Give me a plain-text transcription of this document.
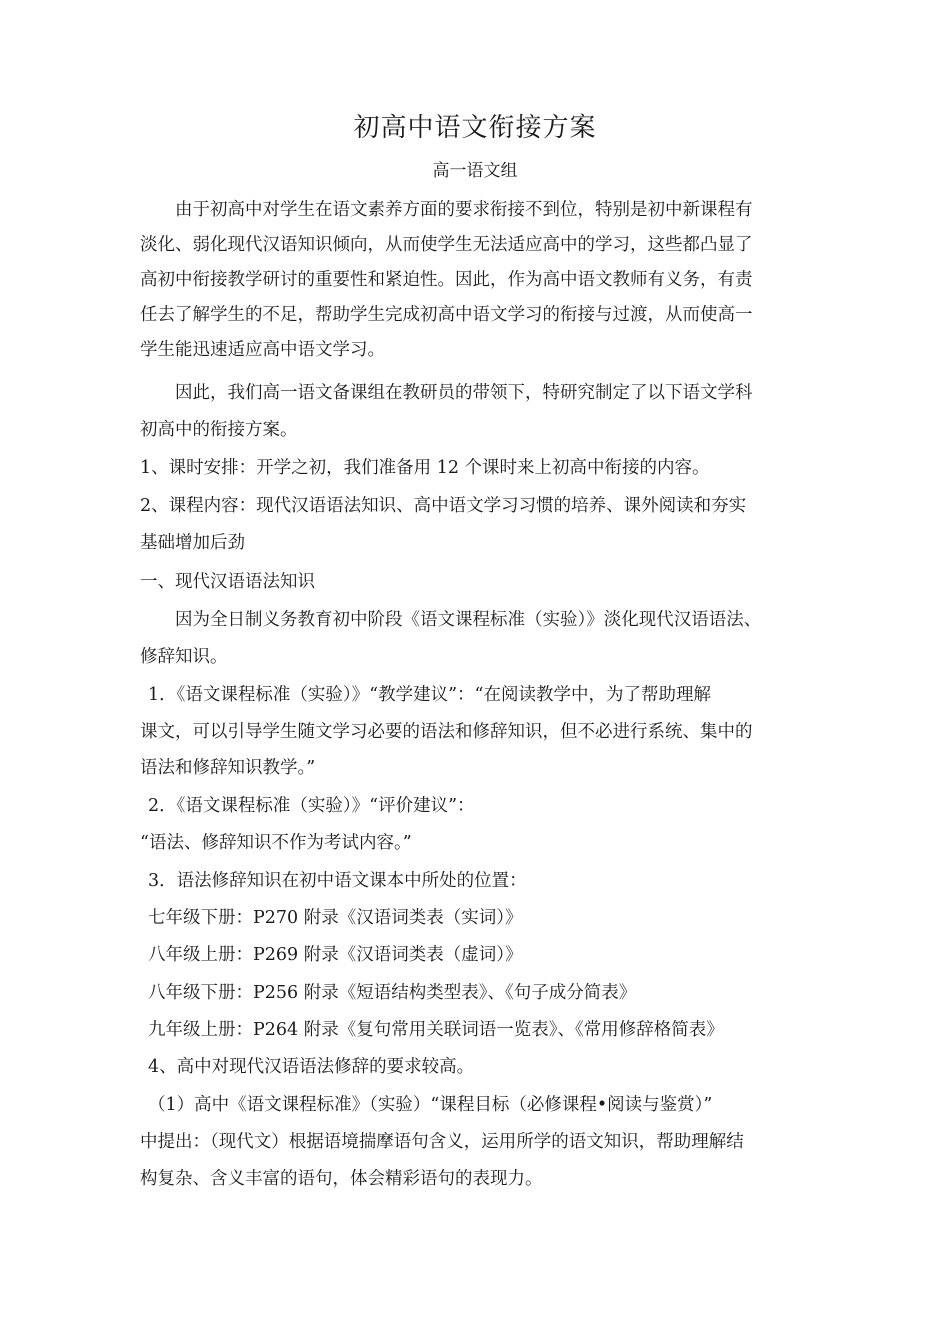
初高中语文衔接方案
高一语文组
由于初高中对学生在语文素养方面的要求衔接不到位，特别是初中新课程有
淡化、弱化现代汉语知识倾向，从而使学生无法适应高中的学习，这些都凸显了
高初中衔接教学研讨的重要性和紧迫性。因此，作为高中语文教师有义务，有责
任去了解学生的不足，帮助学生完成初高中语文学习的衔接与过渡，从而使高一
学生能迅速适应高中语文学习。
因此，我们高一语文备课组在教研员的带领下，特研究制定了以下语文学科
初高中的衔接方案。
1、课时安排：开学之初，我们准备用 12 个课时来上初高中衔接的内容。
2、课程内容：现代汉语语法知识、高中语文学习习惯的培养、课外阅读和夯实
基础增加后劲
一、现代汉语语法知识
因为全日制义务教育初中阶段《语文课程标准（实验）》淡化现代汉语语法、
修辞知识。
1．《语文课程标准（实验）》“教学建议”：“在阅读教学中，为了帮助理解
课文，可以引导学生随文学习必要的语法和修辞知识，但不必进行系统、集中的
语法和修辞知识教学。”
2．《语文课程标准（实验）》“评价建议”：
“语法、修辞知识不作为考试内容。”
3．语法修辞知识在初中语文课本中所处的位置：
七年级下册：P270 附录《汉语词类表（实词）》
八年级上册：P269 附录《汉语词类表（虚词）》
八年级下册：P256 附录《短语结构类型表》、《句子成分简表》
九年级上册：P264 附录《复句常用关联词语一览表》、《常用修辞格简表》
4、高中对现代汉语语法修辞的要求较高。
（1）高中《语文课程标准》（实验）“课程目标（必修课程•阅读与鉴赏）”
中提出：（现代文）根据语境揣摩语句含义，运用所学的语文知识，帮助理解结
构复杂、含义丰富的语句，体会精彩语句的表现力。
